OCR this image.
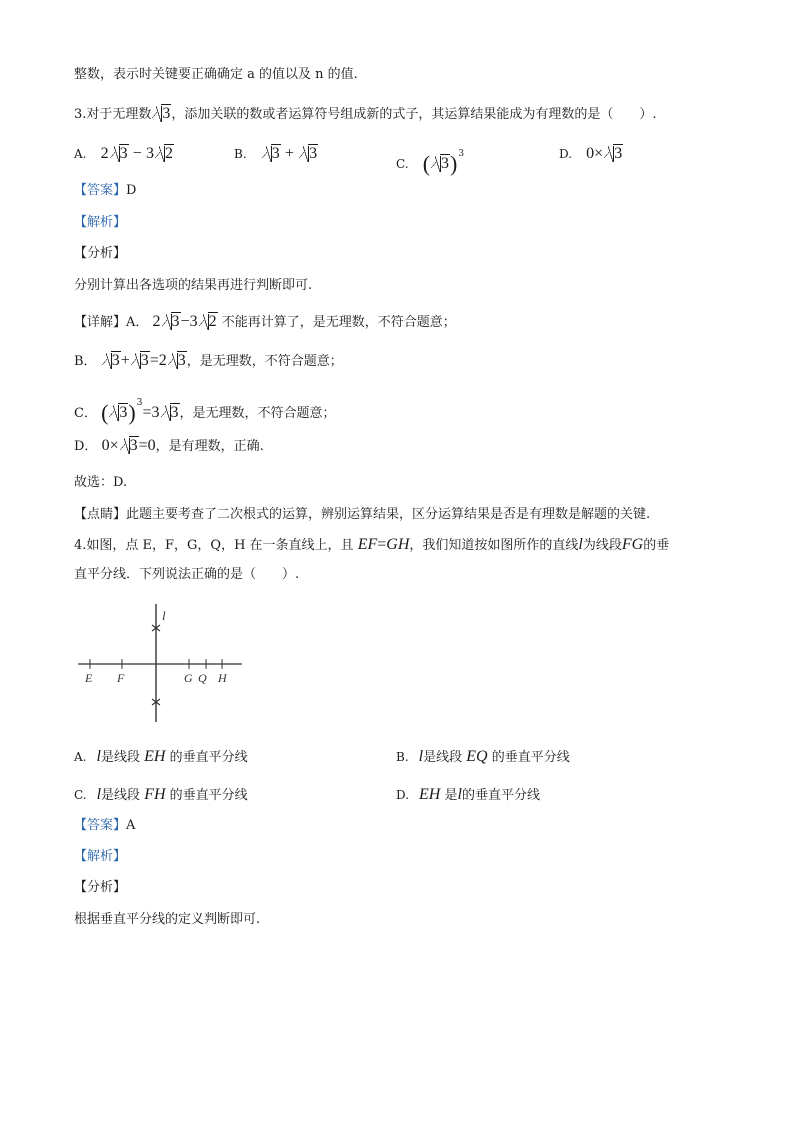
整数，表示时关键要正确确定 a 的值以及 n 的值.
3.对于无理数 3，添加关联的数或者运算符号组成新的式子，其运算结果能成为有理数的是（　　）.
A. 2 3 − 3 2	B. 3 + 3
C. ( 3)$^3$	D. 0× 3
【答案】D
【解析】
【分析】
分别计算出各选项的结果再进行判断即可.
【详解】A． 2 3−3 2 不能再计算了，是无理数，不符合题意；
B． 3+ 3=2 3，是无理数，不符合题意；
C． ( 3)$^3$=3 3，是无理数，不符合题意；
D． 0× 3=0，是有理数，正确.
故选：D.
【点睛】此题主要考查了二次根式的运算，辨别运算结果，区分运算结果是否是有理数是解题的关键.
4.如图，点 E，F，G，Q，H 在一条直线上，且 EF=GH，我们知道按如图所作的直线l为线段FG的垂
直平分线．下列说法正确的是（　　）.
l
E F	G Q H
A. l是线段 EH 的垂直平分线	B. l是线段 EQ 的垂直平分线
C. l是线段 FH 的垂直平分线	D. EH 是l的垂直平分线
【答案】A
【解析】
【分析】
根据垂直平分线的定义判断即可.
